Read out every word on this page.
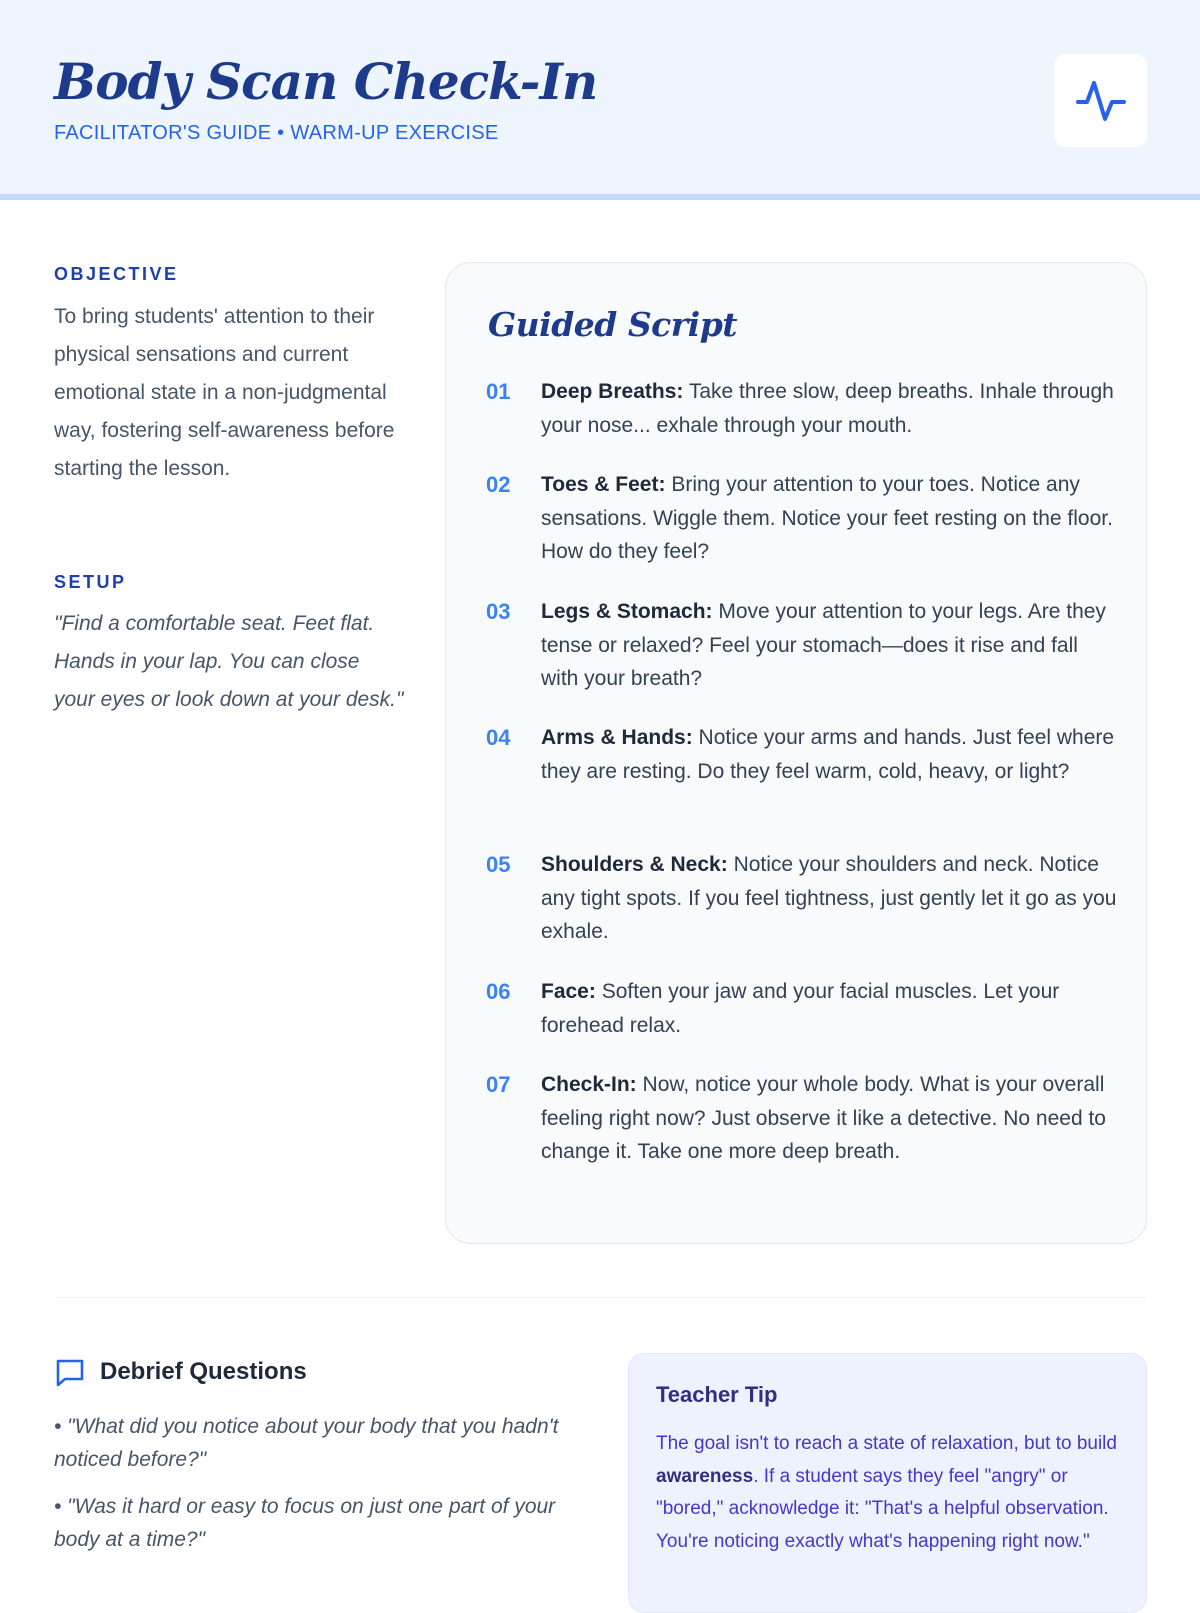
Body Scan Check-In
FACILITATOR'S GUIDE • WARM-UP EXERCISE
OBJECTIVE

To bring students' attention to their physical sensations and current emotional state in a non-judgmental way, fostering self-awareness before starting the lesson.

SETUP

"Find a comfortable seat. Feet flat. Hands in your lap. You can close your eyes or look down at your desk."

Guided Script
01 Deep Breaths: Take three slow, deep breaths. Inhale through your nose... exhale through your mouth.

02 Toes & Feet: Bring your attention to your toes. Notice any sensations. Wiggle them. Notice your feet resting on the floor. How do they feel?

03 Legs & Stomach: Move your attention to your legs. Are they tense or relaxed? Feel your stomach—does it rise and fall with your breath?

04 Arms & Hands: Notice your arms and hands. Just feel where they are resting. Do they feel warm, cold, heavy, or light?

05 Shoulders & Neck: Notice your shoulders and neck. Notice any tight spots. If you feel tightness, just gently let it go as you exhale.

06 Face: Soften your jaw and your facial muscles. Let your forehead relax.

07 Check-In: Now, notice your whole body. What is your overall feeling right now? Just observe it like a detective. No need to change it. Take one more deep breath.

Debrief Questions

• "What did you notice about your body that you hadn't noticed before?"

• "Was it hard or easy to focus on just one part of your body at a time?"

Teacher Tip

The goal isn't to reach a state of relaxation, but to build awareness. If a student says they feel "angry" or "bored," acknowledge it: "That's a helpful observation. You're noticing exactly what's happening right now."
